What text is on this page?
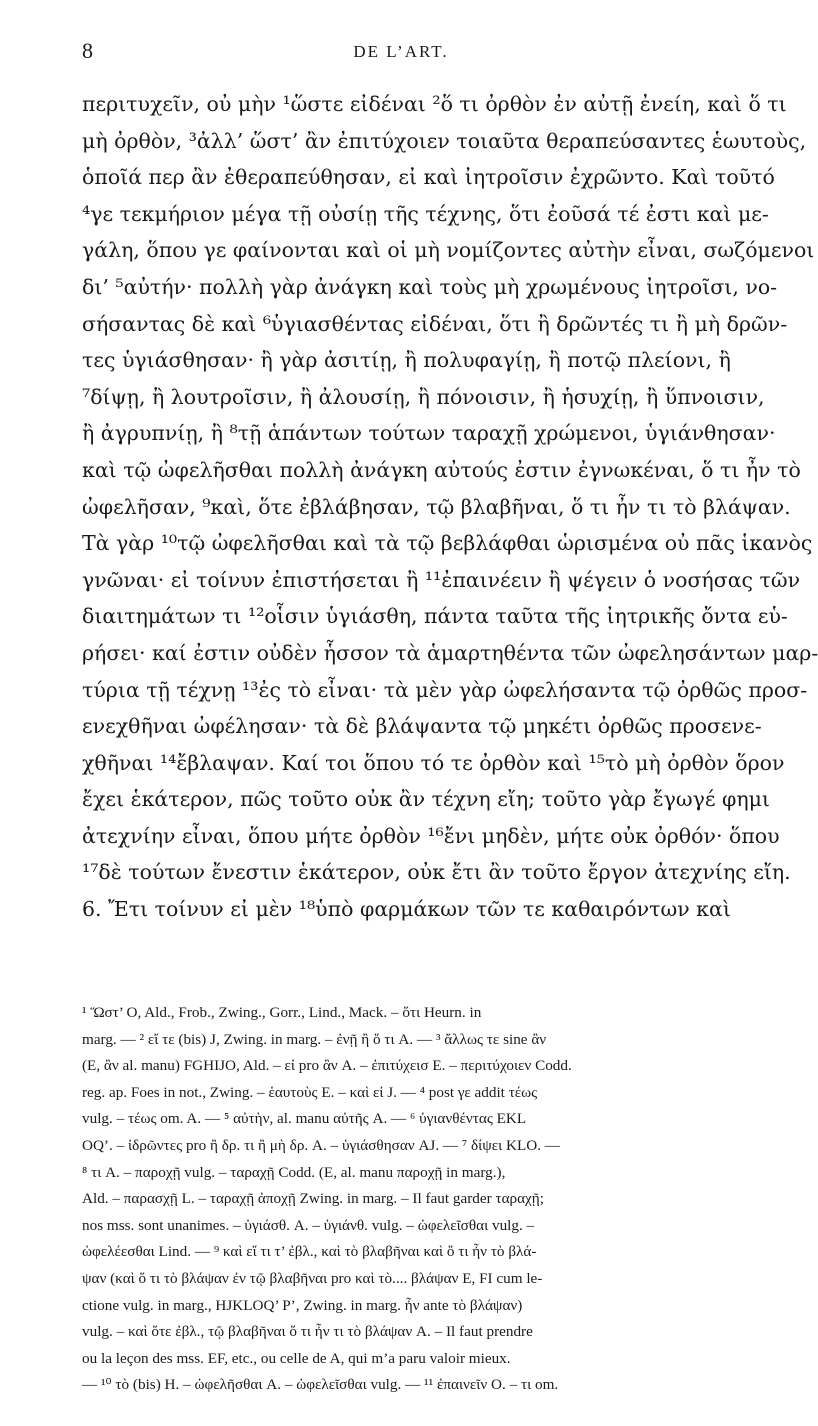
8	DE L’ART.
περιτυχεῖν, οὐ μὴν ¹ὥστε εἰδέναι ²ὅ τι ὀρθὸν ἐν αὐτῇ ἐνείη, καὶ ὅ τι
μὴ ὀρθὸν, ³ἀλλ’ ὥστ’ ἂν ἐπιτύχοιεν τοιαῦτα θεραπεύσαντες ἑωυτοὺς,
ὁποῖά περ ἂν ἐθεραπεύθησαν, εἰ καὶ ἰητροῖσιν ἐχρῶντο. Καὶ τοῦτό
⁴γε τεκμήριον μέγα τῇ οὐσίῃ τῆς τέχνης, ὅτι ἐοῦσά τέ ἐστι καὶ με-
γάλη, ὅπου γε φαίνονται καὶ οἱ μὴ νομίζοντες αὐτὴν εἶναι, σωζόμενοι
δι’ ⁵αὐτήν· πολλὴ γὰρ ἀνάγκη καὶ τοὺς μὴ χρωμένους ἰητροῖσι, νο-
σήσαντας δὲ καὶ ⁶ὑγιασθέντας εἰδέναι, ὅτι ἢ δρῶντές τι ἢ μὴ δρῶν-
τες ὑγιάσθησαν· ἢ γὰρ ἀσιτίῃ, ἢ πολυφαγίῃ, ἢ ποτῷ πλείονι, ἢ
⁷δίψῃ, ἢ λουτροῖσιν, ἢ ἀλουσίῃ, ἢ πόνοισιν, ἢ ἡσυχίῃ, ἢ ὕπνοισιν,
ἢ ἀγρυπνίῃ, ἢ ⁸τῇ ἁπάντων τούτων ταραχῇ χρώμενοι, ὑγιάνθησαν·
καὶ τῷ ὠφελῆσθαι πολλὴ ἀνάγκη αὐτούς ἐστιν ἐγνωκέναι, ὅ τι ἦν τὸ
ὠφελῆσαν, ⁹καὶ, ὅτε ἐβλάβησαν, τῷ βλαβῆναι, ὅ τι ἦν τι τὸ βλάψαν.
Τὰ γὰρ ¹⁰τῷ ὠφελῆσθαι καὶ τὰ τῷ βεβλάφθαι ὡρισμένα οὐ πᾶς ἱκανὸς
γνῶναι· εἰ τοίνυν ἐπιστήσεται ἢ ¹¹ἐπαινέειν ἢ ψέγειν ὁ νοσήσας τῶν
διαιτημάτων τι ¹²οἷσιν ὑγιάσθη, πάντα ταῦτα τῆς ἰητρικῆς ὄντα εὑ-
ρήσει· καί ἐστιν οὐδὲν ἧσσον τὰ ἁμαρτηθέντα τῶν ὠφελησάντων μαρ-
τύρια τῇ τέχνῃ ¹³ἐς τὸ εἶναι· τὰ μὲν γὰρ ὠφελήσαντα τῷ ὀρθῶς προσ-
ενεχθῆναι ὠφέλησαν· τὰ δὲ βλάψαντα τῷ μηκέτι ὀρθῶς προσενε-
χθῆναι ¹⁴ἔβλαψαν. Καί τοι ὅπου τό τε ὀρθὸν καὶ ¹⁵τὸ μὴ ὀρθὸν ὅρον
ἔχει ἑκάτερον, πῶς τοῦτο οὐκ ἂν τέχνη εἴη; τοῦτο γὰρ ἔγωγέ φημι
ἀτεχνίην εἶναι, ὅπου μήτε ὀρθὸν ¹⁶ἔνι μηδὲν, μήτε οὐκ ὀρθόν· ὅπου
¹⁷δὲ τούτων ἔνεστιν ἑκάτερον, οὐκ ἔτι ἂν τοῦτο ἔργον ἀτεχνίης εἴη.
6. Ἔτι τοίνυν εἰ μὲν ¹⁸ὑπὸ φαρμάκων τῶν τε καθαιρόντων καὶ
¹ Ὥστ’ O, Ald., Frob., Zwing., Gorr., Lind., Mack. – ὅτι Heurn. in
marg. — ² εἴ τε (bis) J, Zwing. in marg. – ἐνῇ ἢ ὅ τι A. — ³ ἄλλως τε sine ἂν
(E, ἂν al. manu) FGHIJO, Ald. – εἰ pro ἂν A. – ἐπιτύχεισ E. – περιτύχοιεν Codd.
reg. ap. Foes in not., Zwing. – ἑαυτοὺς E. – καὶ εἰ J. — ⁴ post γε addit τέως
vulg. – τέως om. A. — ⁵ αὐτὴν, al. manu αὐτῆς A. — ⁶ ὑγιανθέντας EKL
OQ’. – ἰδρῶντες pro ἢ δρ. τι ἢ μὴ δρ. A. – ὑγιάσθησαν AJ. — ⁷ δίψει KLO. —
⁸ τι A. – παροχῇ vulg. – ταραχῇ Codd. (E, al. manu παροχῇ in marg.),
Ald. – παρασχῇ L. – ταραχῇ ἀποχῇ Zwing. in marg. – Il faut garder ταραχῇ;
nos mss. sont unanimes. – ὑγιάσθ. A. – ὑγιάνθ. vulg. – ὠφελεῖσθαι vulg. –
ὠφελέεσθαι Lind. — ⁹ καὶ εἴ τι τ’ ἐβλ., καὶ τὸ βλαβῆναι καὶ ὅ τι ἦν τὸ βλά-
ψαν (καὶ ὅ τι τὸ βλάψαν ἐν τῷ βλαβῆναι pro καὶ τὸ.... βλάψαν E, FI cum le-
ctione vulg. in marg., HJKLOQ’ P’, Zwing. in marg. ἦν ante τὸ βλάψαν)
vulg. – καὶ ὅτε ἐβλ., τῷ βλαβῆναι ὅ τι ἦν τι τὸ βλάψαν A. – Il faut prendre
ou la leçon des mss. EF, etc., ou celle de A, qui m’a paru valoir mieux.
— ¹⁰ τὸ (bis) H. – ὠφελῆσθαι A. – ὠφελεῖσθαι vulg. — ¹¹ ἐπαινεῖν O. – τι om.
